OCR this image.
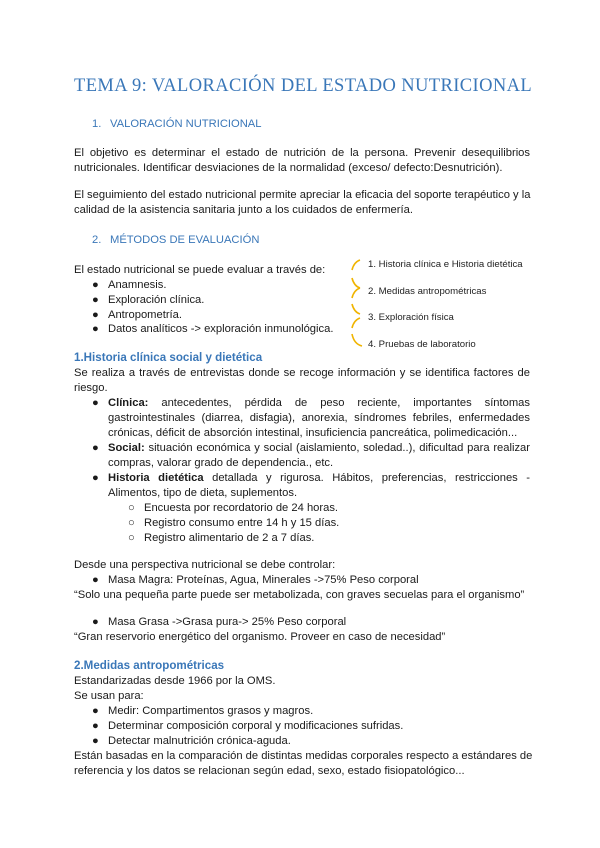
TEMA 9: VALORACIÓN DEL ESTADO NUTRICIONAL
1. VALORACIÓN NUTRICIONAL
El objetivo es determinar el estado de nutrición de la persona. Prevenir desequilibrios
nutricionales. Identificar desviaciones de la normalidad (exceso/ defecto:Desnutrición).
El seguimiento del estado nutricional permite apreciar la eficacia del soporte terapéutico y la
calidad de la asistencia sanitaria junto a los cuidados de enfermería.
2. MÉTODOS DE EVALUACIÓN
El estado nutricional se puede evaluar a través de:
● Anamnesis.
● Exploración clínica.
● Antropometría.
● Datos analíticos -> exploración inmunológica.
1. Historia clínica e Historia dietética
2. Medidas antropométricas
3. Exploración física
4. Pruebas de laboratorio
1.Historia clínica social y dietética
Se realiza a través de entrevistas donde se recoge información y se identifica factores de
riesgo.
● Clínica: antecedentes, pérdida de peso reciente, importantes síntomas
gastrointestinales (diarrea, disfagia), anorexia, síndromes febriles, enfermedades
crónicas, déficit de absorción intestinal, insuficiencia pancreática, polimedicación...
● Social: situación económica y social (aislamiento, soledad..), dificultad para realizar
compras, valorar grado de dependencia., etc.
● Historia dietética detallada y rigurosa. Hábitos, preferencias, restricciones -
Alimentos, tipo de dieta, suplementos.
○ Encuesta por recordatorio de 24 horas.
○ Registro consumo entre 14 h y 15 días.
○ Registro alimentario de 2 a 7 días.
Desde una perspectiva nutricional se debe controlar:
● Masa Magra: Proteínas, Agua, Minerales ->75% Peso corporal
“Solo una pequeña parte puede ser metabolizada, con graves secuelas para el organismo”
● Masa Grasa ->Grasa pura-> 25% Peso corporal
“Gran reservorio energético del organismo. Proveer en caso de necesidad”
2.Medidas antropométricas
Estandarizadas desde 1966 por la OMS.
Se usan para:
● Medir: Compartimentos grasos y magros.
● Determinar composición corporal y modificaciones sufridas.
● Detectar malnutrición crónica-aguda.
Están basadas en la comparación de distintas medidas corporales respecto a estándares de
referencia y los datos se relacionan según edad, sexo, estado fisiopatológico...
